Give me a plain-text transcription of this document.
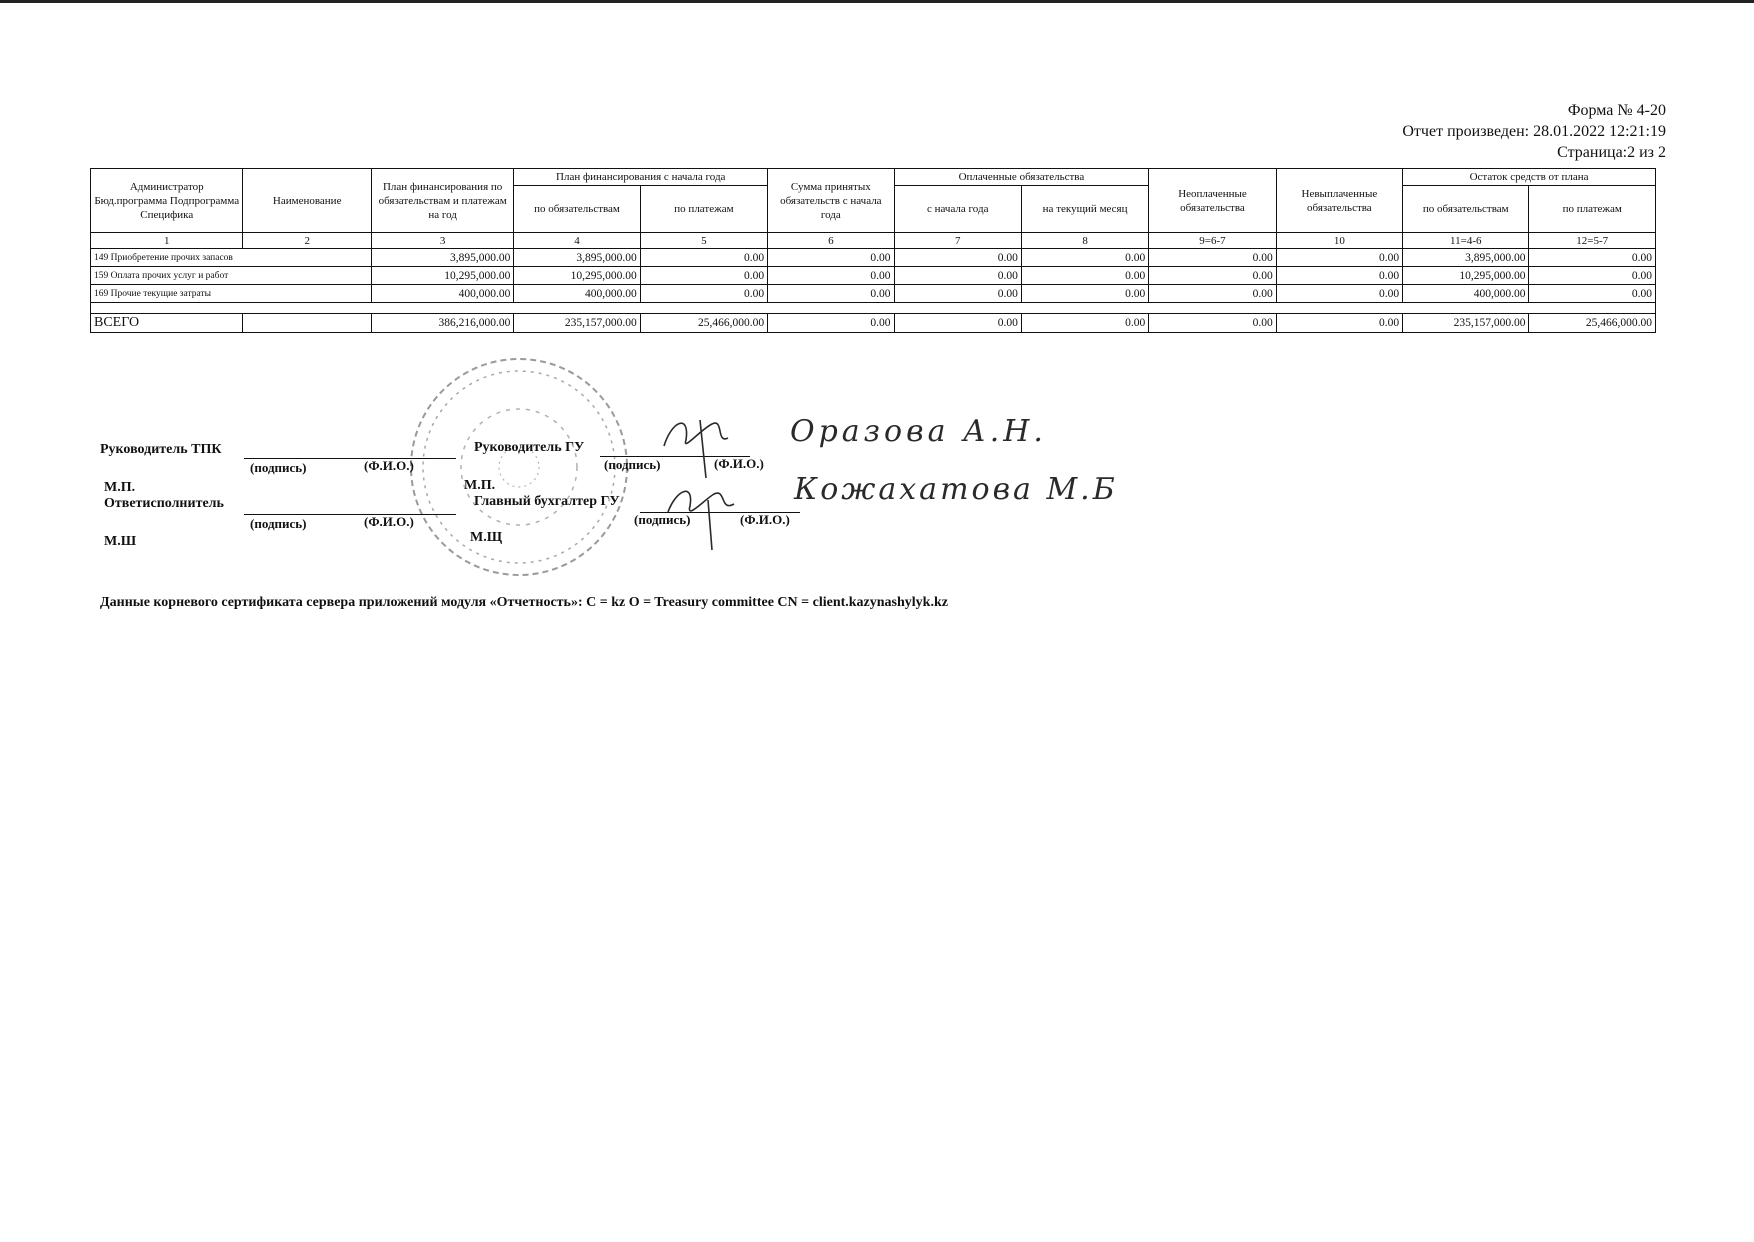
Форма № 4-20
Отчет произведен: 28.01.2022 12:21:19
Страница:2 из 2
Администратор Бюд.программа Подпрограмма Специфика	Наименование	План финансирования по обязательствам и платежам на год	План финансирования с начала года		Сумма принятых обязательств с начала года	Оплаченные обязательства		Неоплаченные обязательства	Невыплаченные обязательства	Остаток средств от плана	
			по обязательствам	по платежам		с начала года	на текущий месяц			по обязательствам	по платежам
1	2	3	4	5	6	7	8	9=6-7	10	11=4-6	12=5-7
149 Приобретение прочих запасов		3,895,000.00	3,895,000.00	0.00	0.00	0.00	0.00	0.00	0.00	3,895,000.00	0.00
159 Оплата прочих услуг и работ		10,295,000.00	10,295,000.00	0.00	0.00	0.00	0.00	0.00	0.00	10,295,000.00	0.00
169 Прочие текущие затраты		400,000.00	400,000.00	0.00	0.00	0.00	0.00	0.00	0.00	400,000.00	0.00

ВСЕГО		386,216,000.00	235,157,000.00	25,466,000.00	0.00	0.00	0.00	0.00	0.00	235,157,000.00	25,466,000.00
Руководитель ТПК
(подпись)	(Ф.И.О.)
Руководитель ГУ
(подпись)	(Ф.И.О.)
М.П.	М.П.
Ответисполнитель
(подпись)	(Ф.И.О.)
Главный бухгалтер ГУ
(подпись)	(Ф.И.О.)
М.Ш	М.Щ
Оразова А.Н.
Кожахатова М.Б
Данные корневого сертификата сервера приложений модуля «Отчетность»: C = kz O = Treasury committee CN = client.kazynashylyk.kz
